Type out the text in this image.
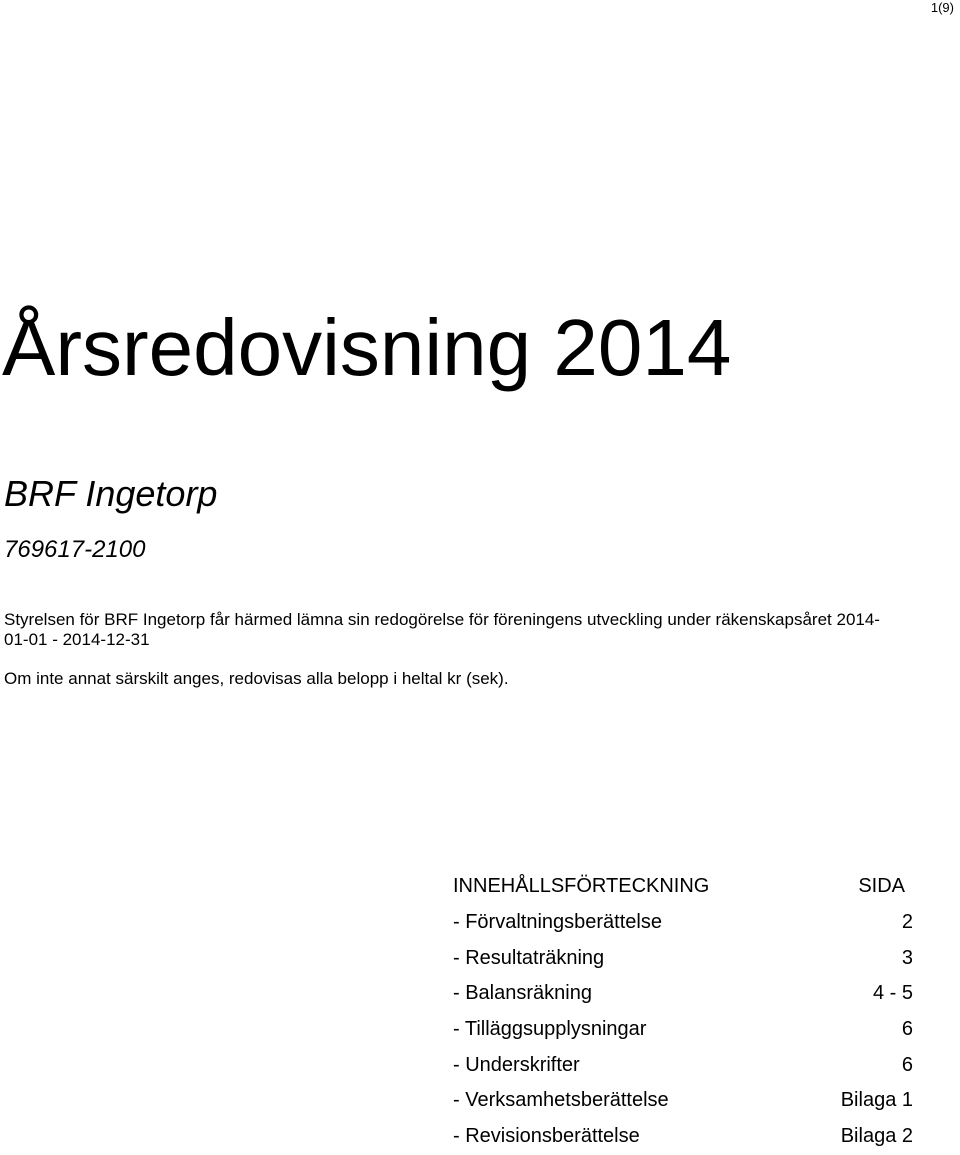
1(9)
Årsredovisning 2014
BRF Ingetorp
769617-2100

Styrelsen för BRF Ingetorp får härmed lämna sin redogörelse för föreningens utveckling under räkenskapsåret 2014-01-01 - 2014-12-31

Om inte annat särskilt anges, redovisas alla belopp i heltal kr (sek).

INNEHÅLLSFÖRTECKNING	SIDA
- Förvaltningsberättelse	2
- Resultaträkning	3
- Balansräkning	4 - 5
- Tilläggsupplysningar	6
- Underskrifter	6
- Verksamhetsberättelse	Bilaga 1
- Revisionsberättelse	Bilaga 2
